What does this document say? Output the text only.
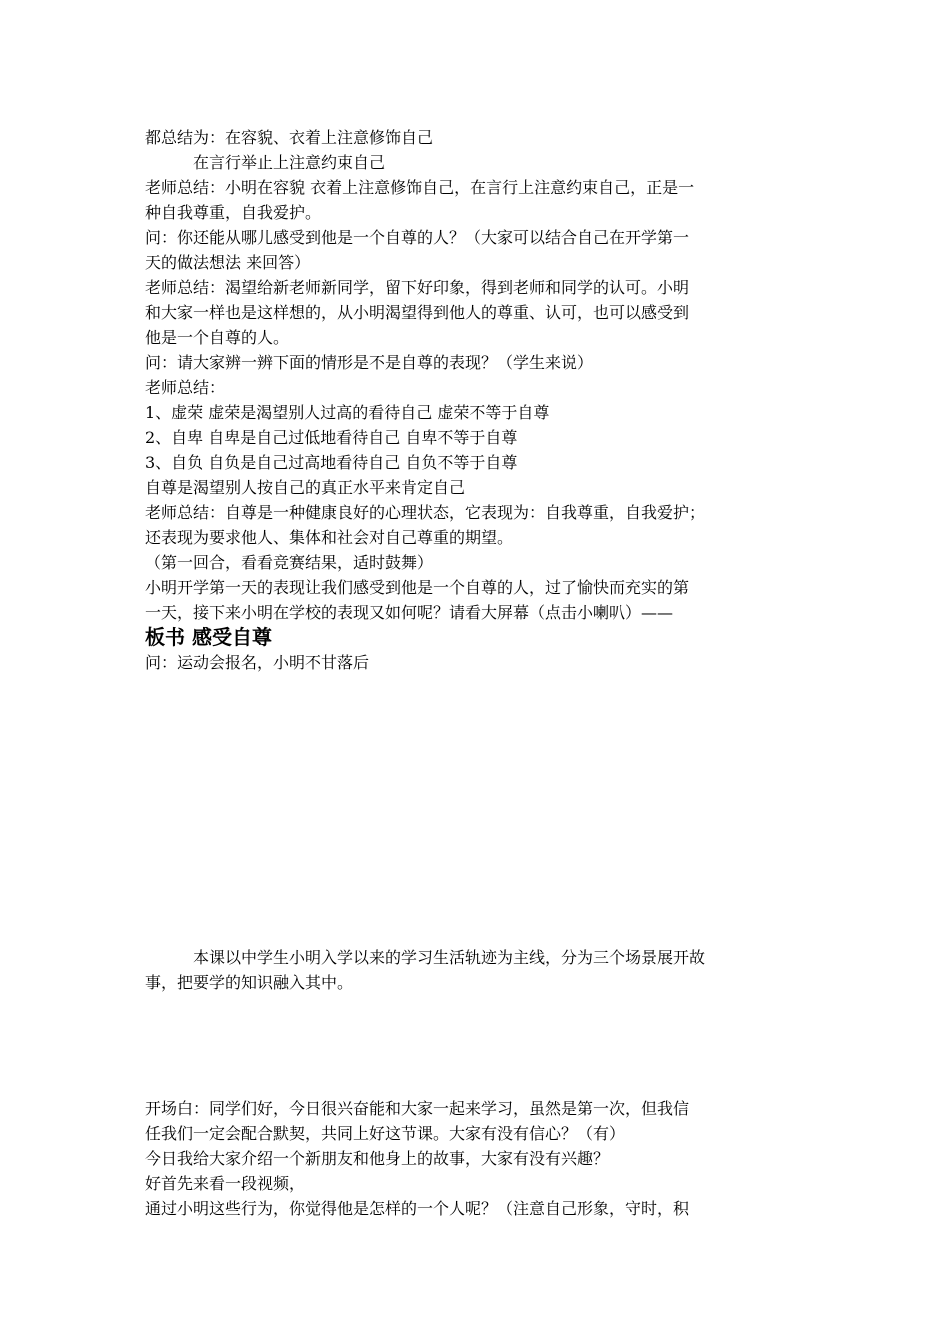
都总结为：在容貌、衣着上注意修饰自己
在言行举止上注意约束自己
老师总结：小明在容貌 衣着上注意修饰自己，在言行上注意约束自己，正是一
种自我尊重，自我爱护。
问：你还能从哪儿感受到他是一个自尊的人？（大家可以结合自己在开学第一
天的做法想法 来回答）
老师总结：渴望给新老师新同学，留下好印象，得到老师和同学的认可。小明
和大家一样也是这样想的，从小明渴望得到他人的尊重、认可，也可以感受到
他是一个自尊的人。
问：请大家辨一辨下面的情形是不是自尊的表现？（学生来说）
老师总结：
1、虚荣 虚荣是渴望别人过高的看待自己 虚荣不等于自尊
2、自卑 自卑是自己过低地看待自己 自卑不等于自尊
3、自负 自负是自己过高地看待自己 自负不等于自尊
自尊是渴望别人按自己的真正水平来肯定自己
老师总结：自尊是一种健康良好的心理状态，它表现为：自我尊重，自我爱护；
还表现为要求他人、集体和社会对自己尊重的期望。
（第一回合，看看竞赛结果，适时鼓舞）
小明开学第一天的表现让我们感受到他是一个自尊的人，过了愉快而充实的第
一天，接下来小明在学校的表现又如何呢？请看大屏幕（点击小喇叭）——
板书 感受自尊
问：运动会报名，小明不甘落后
本课以中学生小明入学以来的学习生活轨迹为主线，分为三个场景展开故
事，把要学的知识融入其中。
开场白：同学们好，今日很兴奋能和大家一起来学习，虽然是第一次，但我信
任我们一定会配合默契，共同上好这节课。大家有没有信心？（有）
今日我给大家介绍一个新朋友和他身上的故事，大家有没有兴趣？
好首先来看一段视频，
通过小明这些行为，你觉得他是怎样的一个人呢？（注意自己形象，守时，积
